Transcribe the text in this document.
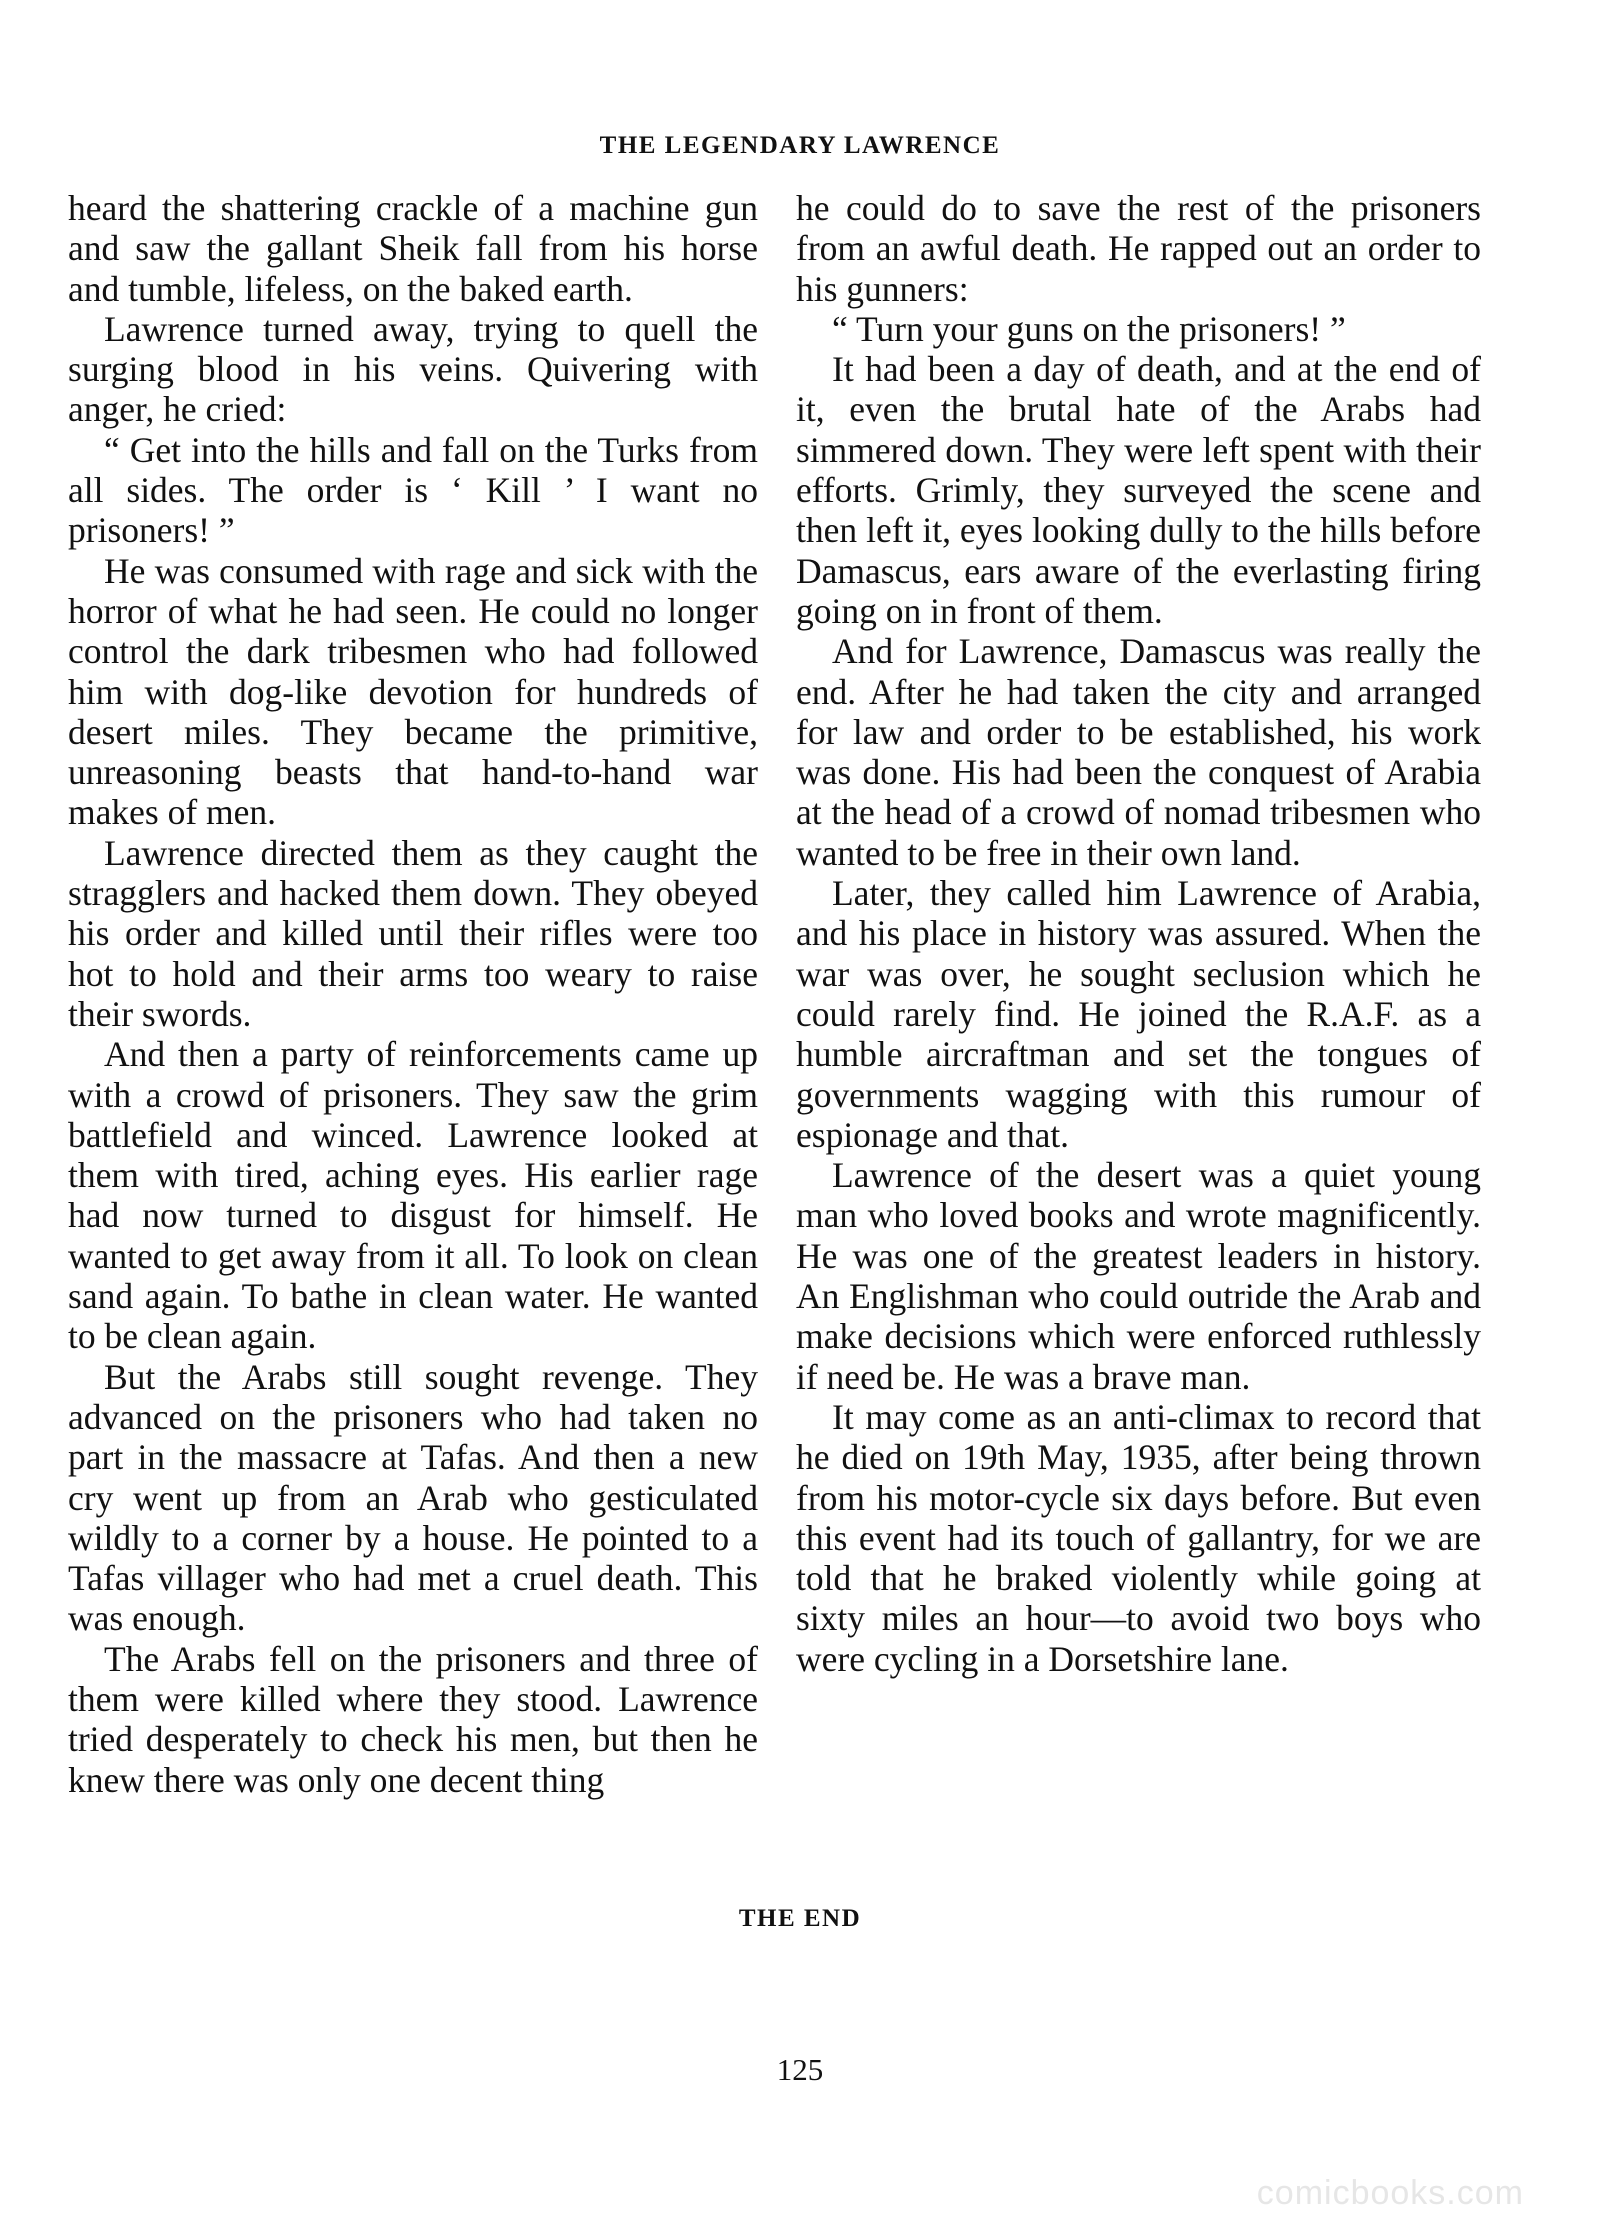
THE LEGENDARY LAWRENCE

heard the shattering crackle of a machine gun and saw the gallant Sheik fall from his horse and tumble, lifeless, on the baked earth.

Lawrence turned away, trying to quell the surging blood in his veins. Quivering with anger, he cried:

“ Get into the hills and fall on the Turks from all sides. The order is ‘ Kill ’ I want no prisoners! ”

He was consumed with rage and sick with the horror of what he had seen. He could no longer control the dark tribesmen who had followed him with dog-like devotion for hundreds of desert miles. They became the primitive, unreasoning beasts that hand-to-hand war makes of men.

Lawrence directed them as they caught the stragglers and hacked them down. They obeyed his order and killed until their rifles were too hot to hold and their arms too weary to raise their swords.

And then a party of reinforcements came up with a crowd of prisoners. They saw the grim battlefield and winced. Lawrence looked at them with tired, aching eyes. His earlier rage had now turned to disgust for himself. He wanted to get away from it all. To look on clean sand again. To bathe in clean water. He wanted to be clean again.

But the Arabs still sought revenge. They advanced on the prisoners who had taken no part in the massacre at Tafas. And then a new cry went up from an Arab who gesticulated wildly to a corner by a house. He pointed to a Tafas villager who had met a cruel death. This was enough.

The Arabs fell on the prisoners and three of them were killed where they stood. Lawrence tried desperately to check his men, but then he knew there was only one decent thing

he could do to save the rest of the prisoners from an awful death. He rapped out an order to his gunners:

“ Turn your guns on the prisoners! ”

It had been a day of death, and at the end of it, even the brutal hate of the Arabs had simmered down. They were left spent with their efforts. Grimly, they surveyed the scene and then left it, eyes looking dully to the hills before Damascus, ears aware of the everlasting firing going on in front of them.

And for Lawrence, Damascus was really the end. After he had taken the city and arranged for law and order to be established, his work was done. His had been the conquest of Arabia at the head of a crowd of nomad tribesmen who wanted to be free in their own land.

Later, they called him Lawrence of Arabia, and his place in history was assured. When the war was over, he sought seclusion which he could rarely find. He joined the R.A.F. as a humble aircraftman and set the tongues of governments wagging with this rumour of espionage and that.

Lawrence of the desert was a quiet young man who loved books and wrote magnificently. He was one of the greatest leaders in history. An Englishman who could outride the Arab and make decisions which were enforced ruthlessly if need be. He was a brave man.

It may come as an anti-climax to record that he died on 19th May, 1935, after being thrown from his motor-cycle six days before. But even this event had its touch of gallantry, for we are told that he braked violently while going at sixty miles an hour—to avoid two boys who were cycling in a Dorsetshire lane.

THE END
125
comicbooks.com
